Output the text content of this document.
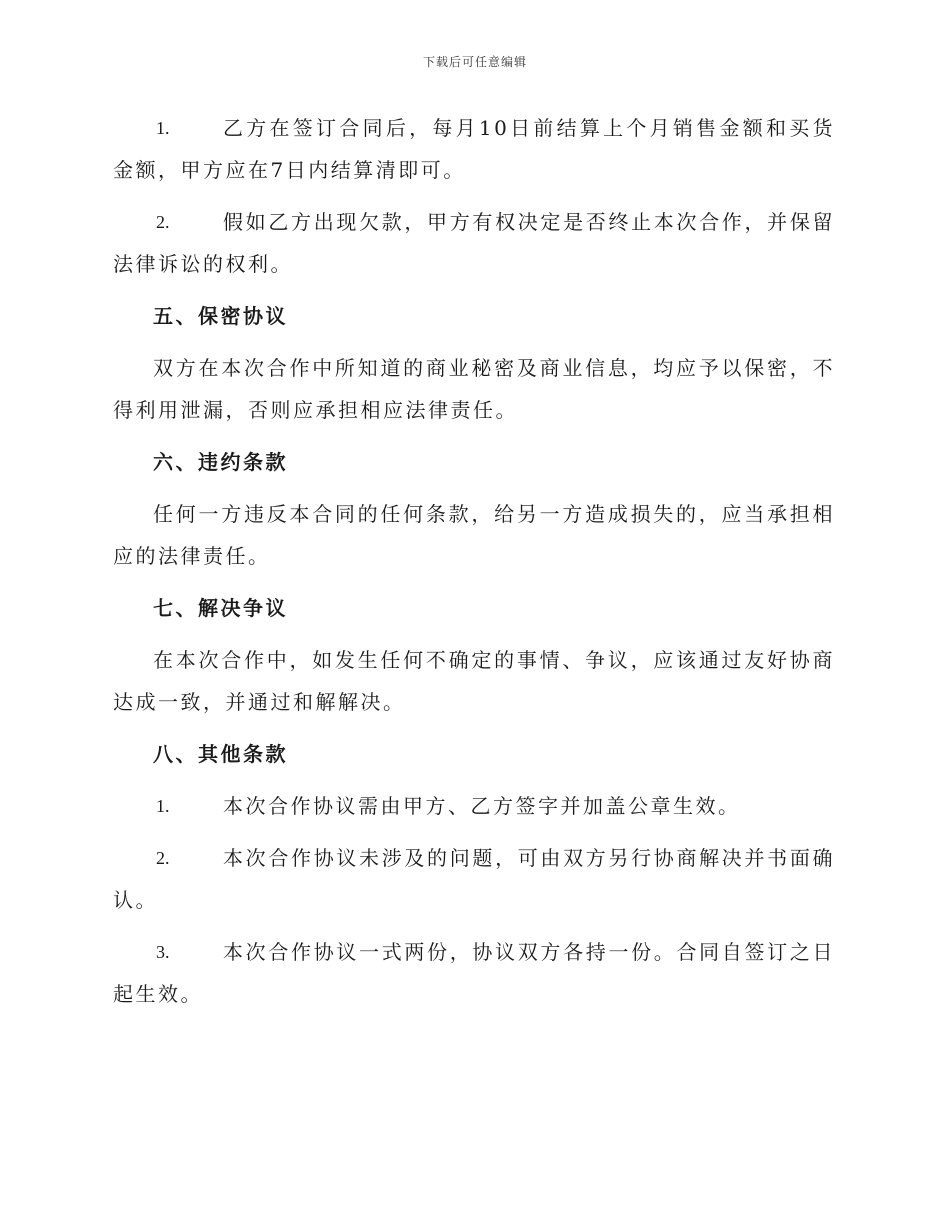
下载后可任意编辑

1.	乙方在签订合同后，每月10日前结算上个月销售金额和买货金额，甲方应在7日内结算清即可。

2.	假如乙方出现欠款，甲方有权决定是否终止本次合作，并保留法律诉讼的权利。

五、保密协议

双方在本次合作中所知道的商业秘密及商业信息，均应予以保密，不得利用泄漏，否则应承担相应法律责任。

六、违约条款

任何一方违反本合同的任何条款，给另一方造成损失的，应当承担相应的法律责任。

七、解决争议

在本次合作中，如发生任何不确定的事情、争议，应该通过友好协商达成一致，并通过和解解决。

八、其他条款

1.	本次合作协议需由甲方、乙方签字并加盖公章生效。

2.	本次合作协议未涉及的问题，可由双方另行协商解决并书面确认。

3.	本次合作协议一式两份，协议双方各持一份。合同自签订之日起生效。
